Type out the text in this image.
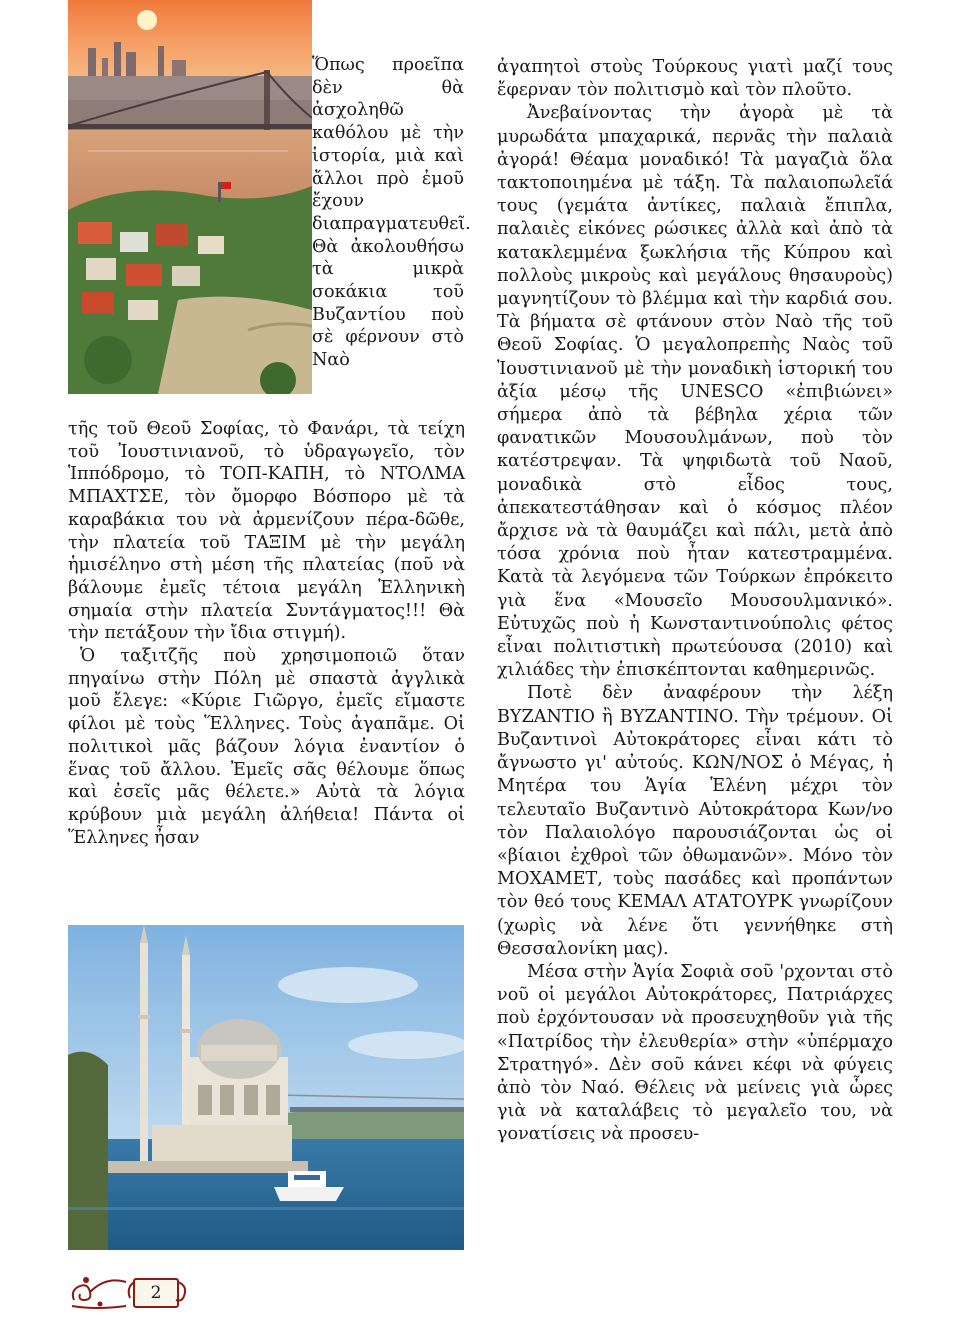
Ὅπως προεῖπα δὲν θὰ ἀσχοληθῶ καθόλου μὲ τὴν ἱστορία, μιὰ καὶ ἄλλοι πρὸ ἐμοῦ ἔχουν διαπραγματευθεῖ. Θὰ ἀκολουθήσω τὰ μικρὰ σοκάκια τοῦ Βυζαντίου ποὺ σὲ φέρνουν στὸ Ναὸ

τῆς τοῦ Θεοῦ Σοφίας, τὸ Φανάρι, τὰ τείχη τοῦ Ἰουστινιανοῦ, τὸ ὑδραγωγεῖο, τὸν Ἱππόδρομο, τὸ ΤΟΠ-ΚΑΠΗ, τὸ ΝΤΟΛΜΑ ΜΠΑΧΤΣΕ, τὸν ὄμορφο Βόσπορο μὲ τὰ καραβάκια του νὰ ἀρμενίζουν πέρα-δῶθε, τὴν πλατεία τοῦ ΤΑΞΙΜ μὲ τὴν μεγάλη ἡμισέληνο στὴ μέση τῆς πλατείας (ποῦ νὰ βάλουμε ἐμεῖς τέτοια μεγάλη Ἑλληνικὴ σημαία στὴν πλατεία Συντάγματος!!! Θὰ τὴν πετάξουν τὴν ἴδια στιγμή).

Ὁ ταξιτζῆς ποὺ χρησιμοποιῶ ὅταν πηγαίνω στὴν Πόλη μὲ σπαστὰ ἀγγλικὰ μοῦ ἔλεγε: «Κύριε Γιῶργο, ἐμεῖς εἴμαστε φίλοι μὲ τοὺς Ἕλληνες. Τοὺς ἀγαπᾶμε. Οἱ πολιτικοὶ μᾶς βάζουν λόγια ἐναντίον ὁ ἕνας τοῦ ἄλλου. Ἐμεῖς σᾶς θέλουμε ὅπως καὶ ἐσεῖς μᾶς θέλετε.» Αὐτὰ τὰ λόγια κρύβουν μιὰ μεγάλη ἀλήθεια! Πάντα οἱ Ἕλληνες ἦσαν

ἀγαπητοὶ στοὺς Τούρκους γιατὶ μαζί τους ἔφερναν τὸν πολιτισμὸ καὶ τὸν πλοῦτο.

Ἀνεβαίνοντας τὴν ἀγορὰ μὲ τὰ μυρωδάτα μπαχαρικά, περνᾶς τὴν παλαιὰ ἀγορά! Θέαμα μοναδικό! Τὰ μαγαζιὰ ὅλα τακτοποιημένα μὲ τάξη. Τὰ παλαιοπωλεῖά τους (γεμάτα ἀντίκες, παλαιὰ ἔπιπλα, παλαιὲς εἰκόνες ρώσικες ἀλλὰ καὶ ἀπὸ τὰ κατακλεμμένα ξωκλήσια τῆς Κύπρου καὶ πολλοὺς μικροὺς καὶ μεγάλους θησαυροὺς) μαγνητίζουν τὸ βλέμμα καὶ τὴν καρδιά σου. Τὰ βήματα σὲ φτάνουν στὸν Ναὸ τῆς τοῦ Θεοῦ Σοφίας. Ὁ μεγαλοπρεπὴς Ναὸς τοῦ Ἰουστινιανοῦ μὲ τὴν μοναδικὴ ἱστορική του ἀξία μέσῳ τῆς UNESCO «ἐπιβιώνει» σήμερα ἀπὸ τὰ βέβηλα χέρια τῶν φανατικῶν Μουσουλμάνων, ποὺ τὸν κατέστρεψαν. Τὰ ψηφιδωτὰ τοῦ Ναοῦ, μοναδικὰ στὸ εἶδος τους, ἀπεκατεστάθησαν καὶ ὁ κόσμος πλέον ἄρχισε νὰ τὰ θαυμάζει καὶ πάλι, μετὰ ἀπὸ τόσα χρόνια ποὺ ἦταν κατεστραμμένα. Κατὰ τὰ λεγόμενα τῶν Τούρκων ἐπρόκειτο γιὰ ἕνα «Μουσεῖο Μουσουλμανικό». Εὐτυχῶς ποὺ ἡ Κωνσταντινούπολις φέτος εἶναι πολιτιστικὴ πρωτεύουσα (2010) καὶ χιλιάδες τὴν ἐπισκέπτονται καθημερινῶς.

Ποτὲ δὲν ἀναφέρουν τὴν λέξη ΒΥΖΑΝΤΙΟ ἢ ΒΥΖΑΝΤΙΝΟ. Τὴν τρέμουν. Οἱ Βυζαντινοὶ Αὐτοκράτορες εἶναι κάτι τὸ ἄγνωστο γι' αὐτούς. ΚΩΝ/ΝΟΣ ὁ Μέγας, ἡ Μητέρα του Ἁγία Ἑλένη μέχρι τὸν τελευταῖο Βυζαντινὸ Αὐτοκράτορα Κων/νο τὸν Παλαιολόγο παρουσιάζονται ὡς οἱ «βίαιοι ἐχθροὶ τῶν ὀθωμανῶν». Μόνο τὸν ΜΟΧΑΜΕΤ, τοὺς πασάδες καὶ προπάντων τὸν θεό τους ΚΕΜΑΛ ΑΤΑΤΟΥΡΚ γνωρίζουν (χωρὶς νὰ λένε ὅτι γεννήθηκε στὴ Θεσσαλονίκη μας).

Μέσα στὴν Ἁγία Σοφιὰ σοῦ 'ρχονται στὸ νοῦ οἱ μεγάλοι Αὐτοκράτορες, Πατριάρχες ποὺ ἐρχόντουσαν νὰ προσευχηθοῦν γιὰ τῆς «Πατρίδος τὴν ἐλευθερία» στὴν «ὑπέρμαχο Στρατηγό». Δὲν σοῦ κάνει κέφι νὰ φύγεις ἀπὸ τὸν Ναό. Θέλεις νὰ μείνεις γιὰ ὧρες γιὰ νὰ καταλάβεις τὸ μεγαλεῖο του, νὰ γονατίσεις νὰ προσευ-

2
